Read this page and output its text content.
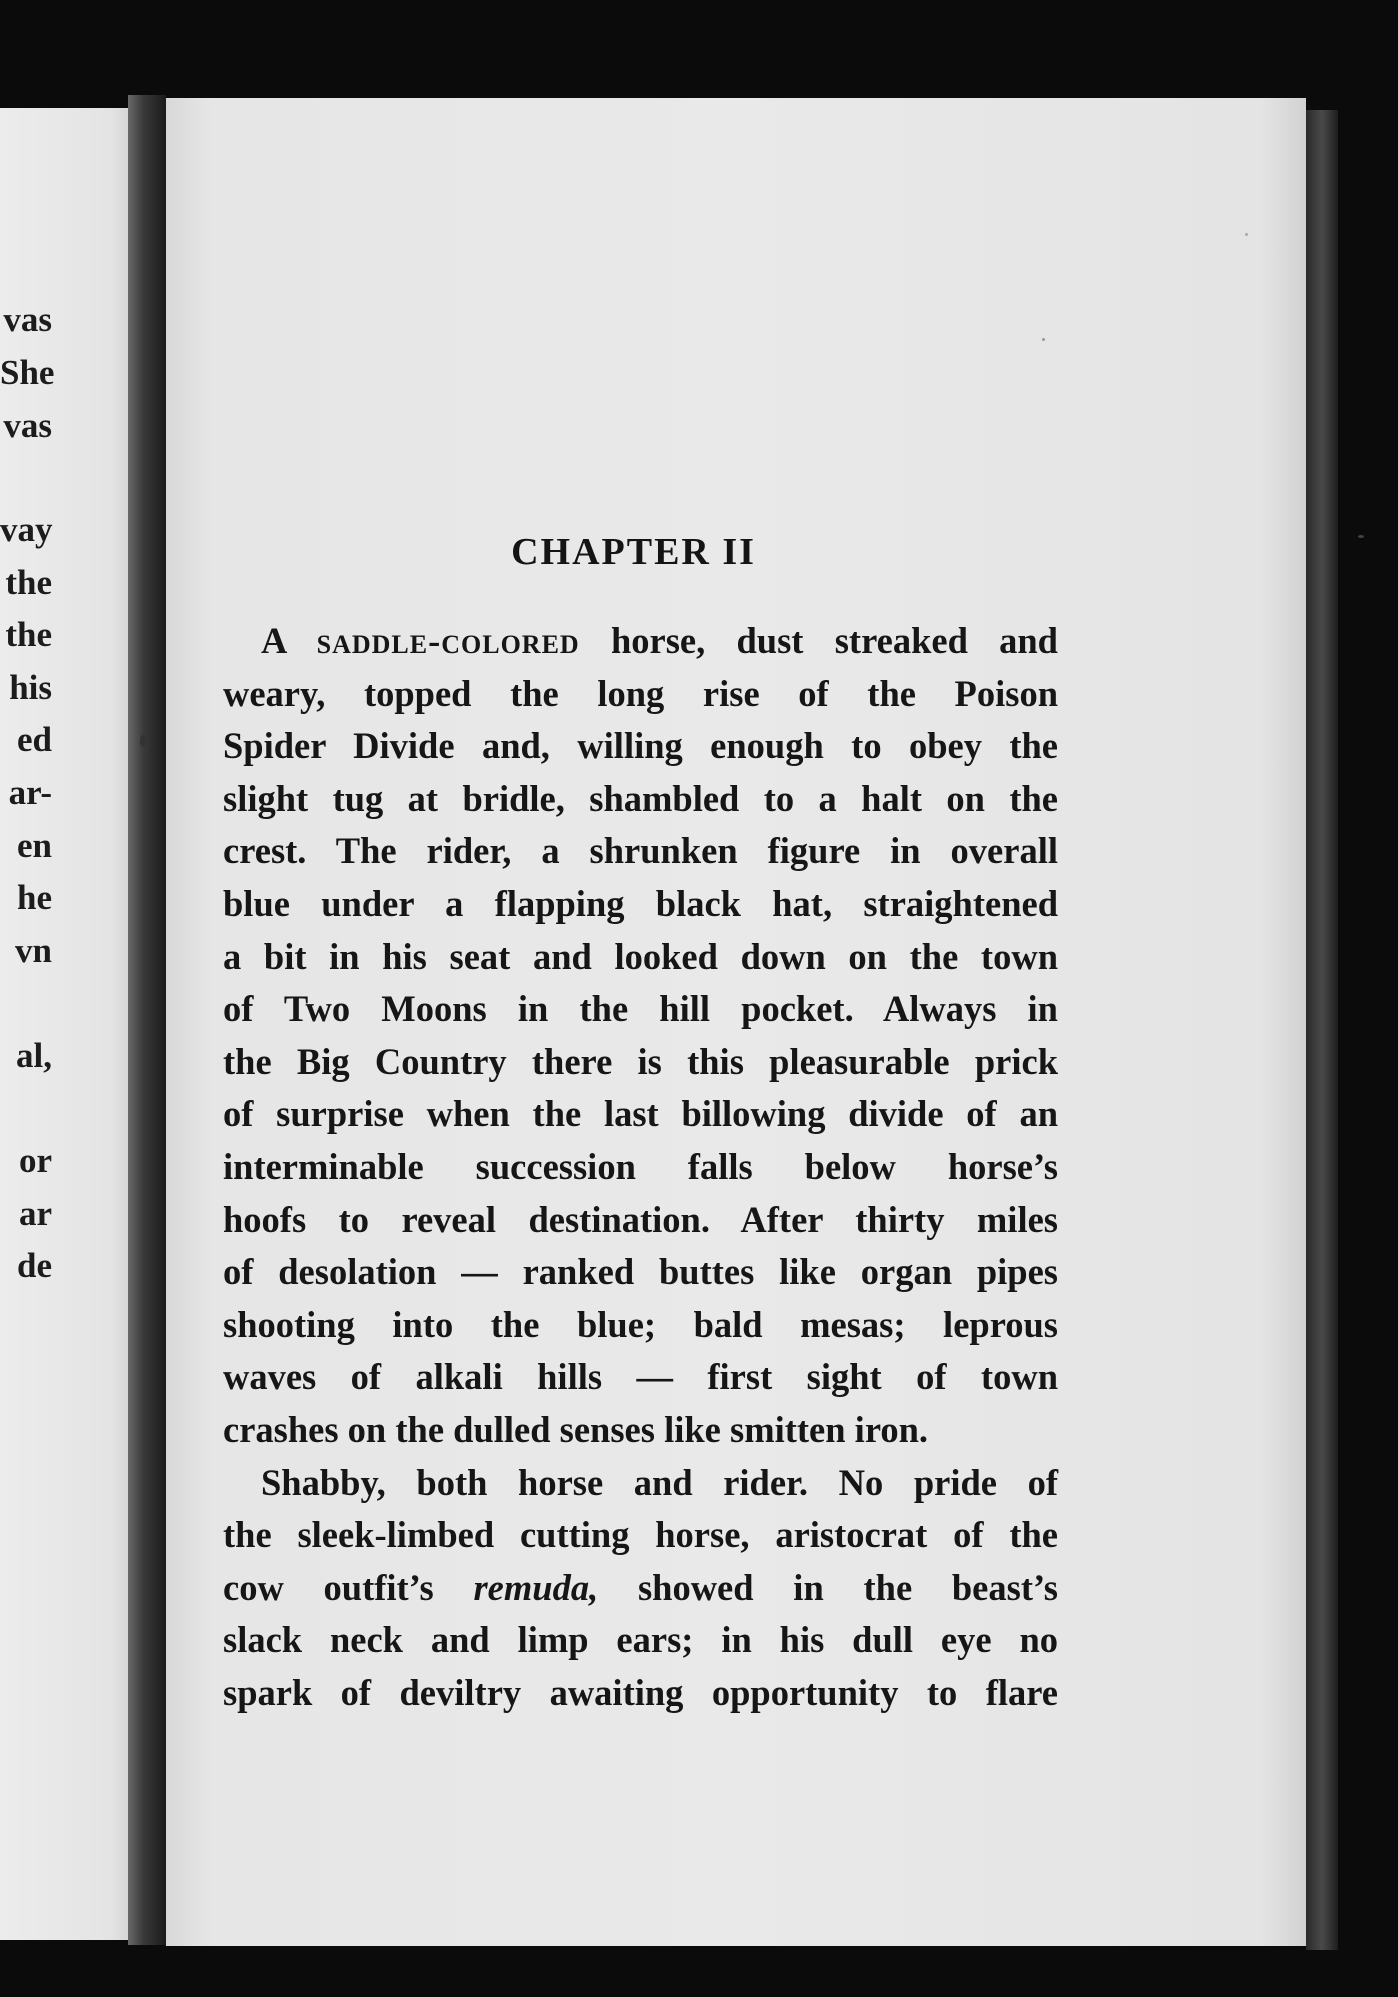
vas
She
vas
vay
the
the
his
ed
ar-
en
he
vn
al,
or
ar
de
CHAPTER II
A saddle-colored horse, dust streaked and
weary, topped the long rise of the Poison
Spider Divide and, willing enough to obey the
slight tug at bridle, shambled to a halt on the
crest. The rider, a shrunken figure in overall
blue under a flapping black hat, straightened
a bit in his seat and looked down on the town
of Two Moons in the hill pocket. Always in
the Big Country there is this pleasurable prick
of surprise when the last billowing divide of an
interminable succession falls below horse’s
hoofs to reveal destination. After thirty miles
of desolation — ranked buttes like organ pipes
shooting into the blue; bald mesas; leprous
waves of alkali hills — first sight of town
crashes on the dulled senses like smitten iron.
Shabby, both horse and rider. No pride of
the sleek-limbed cutting horse, aristocrat of the
cow outfit’s remuda, showed in the beast’s
slack neck and limp ears; in his dull eye no
spark of deviltry awaiting opportunity to flare
